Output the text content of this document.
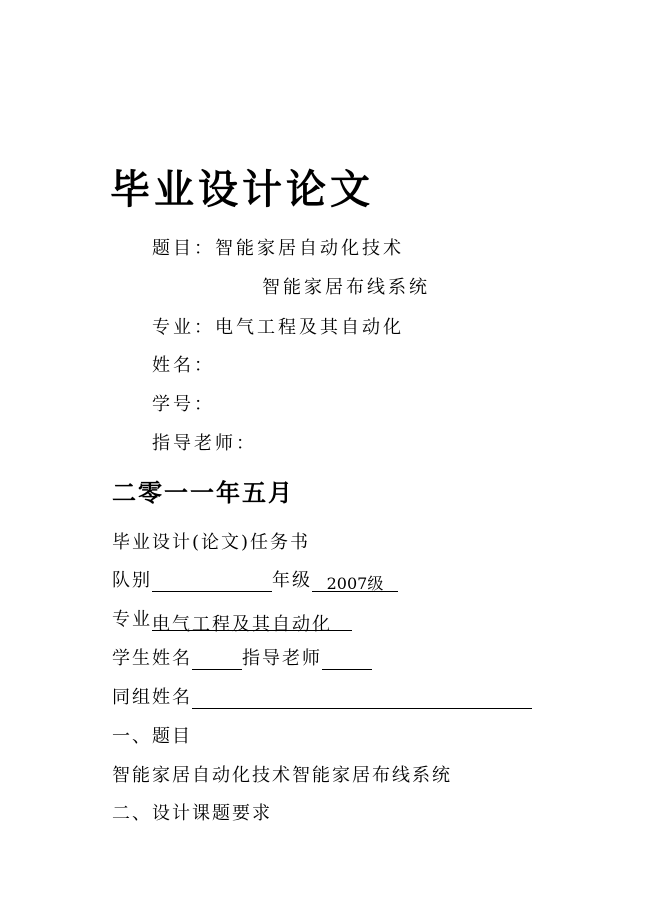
毕业设计论文
题目：智能家居自动化技术
智能家居布线系统
专业：电气工程及其自动化
姓名：
学号：
指导老师：
二零一一年五月
毕业设计(论文)任务书
队别	年级 2007级
专业电气工程及其自动化
学生姓名	指导老师
同组姓名
一、题目
智能家居自动化技术智能家居布线系统
二、设计课题要求
